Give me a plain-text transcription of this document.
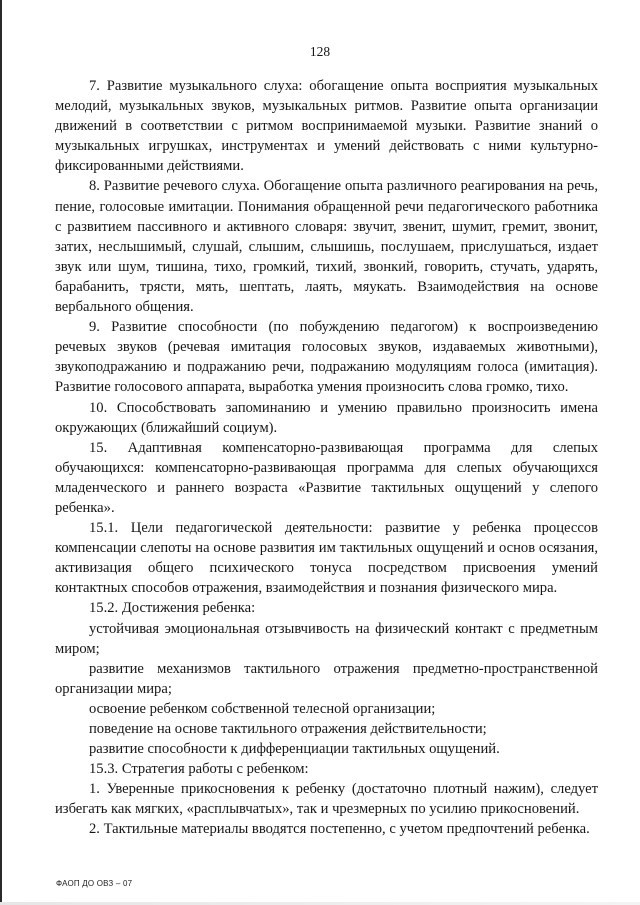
128

7. Развитие музыкального слуха: обогащение опыта восприятия музыкальных мелодий, музыкальных звуков, музыкальных ритмов. Развитие опыта организации движений в соответствии с ритмом воспринимаемой музыки. Развитие знаний о музыкальных игрушках, инструментах и умений действовать с ними культурно-фиксированными действиями.

8. Развитие речевого слуха. Обогащение опыта различного реагирования на речь, пение, голосовые имитации. Понимания обращенной речи педагогического работника с развитием пассивного и активного словаря: звучит, звенит, шумит, гремит, звонит, затих, неслышимый, слушай, слышим, слышишь, послушаем, прислушаться, издает звук или шум, тишина, тихо, громкий, тихий, звонкий, говорить, стучать, ударять, барабанить, трясти, мять, шептать, лаять, мяукать. Взаимодействия на основе вербального общения.

9. Развитие способности (по побуждению педагогом) к воспроизведению речевых звуков (речевая имитация голосовых звуков, издаваемых животными), звукоподражанию и подражанию речи, подражанию модуляциям голоса (имитация). Развитие голосового аппарата, выработка умения произносить слова громко, тихо.

10. Способствовать запоминанию и умению правильно произносить имена окружающих (ближайший социум).

15. Адаптивная компенсаторно-развивающая программа для слепых обучающихся: компенсаторно-развивающая программа для слепых обучающихся младенческого и раннего возраста «Развитие тактильных ощущений у слепого ребенка».

15.1. Цели педагогической деятельности: развитие у ребенка процессов компенсации слепоты на основе развития им тактильных ощущений и основ осязания, активизация общего психического тонуса посредством присвоения умений контактных способов отражения, взаимодействия и познания физического мира.

15.2. Достижения ребенка:

устойчивая эмоциональная отзывчивость на физический контакт с предметным миром;

развитие механизмов тактильного отражения предметно-пространственной организации мира;

освоение ребенком собственной телесной организации;

поведение на основе тактильного отражения действительности;

развитие способности к дифференциации тактильных ощущений.

15.3. Стратегия работы с ребенком:

1. Уверенные прикосновения к ребенку (достаточно плотный нажим), следует избегать как мягких, «расплывчатых», так и чрезмерных по усилию прикосновений.

2. Тактильные материалы вводятся постепенно, с учетом предпочтений ребенка.

ФАОП ДО ОВЗ – 07
